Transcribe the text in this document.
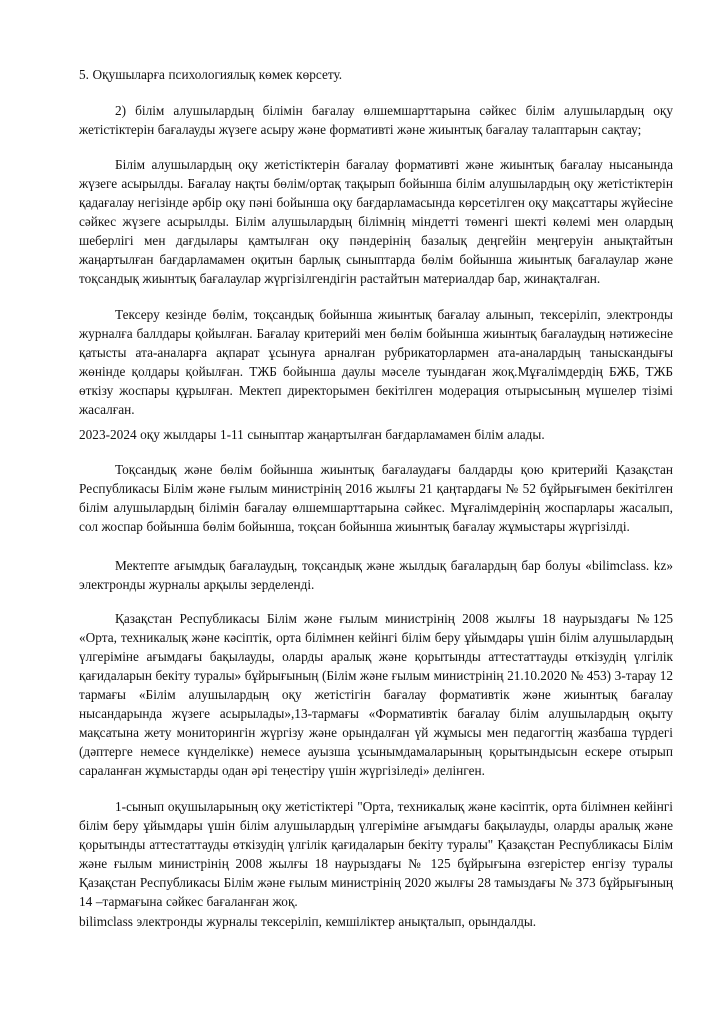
5. Оқушыларға психологиялық көмек көрсету.

2) білім алушылардың білімін бағалау өлшемшарттарына сәйкес білім алушылардың оқу жетістіктерін бағалауды жүзеге асыру және формативті және жиынтық бағалау талаптарын сақтау;

Білім алушылардың оқу жетістіктерін бағалау формативті және жиынтық бағалау нысанында жүзеге асырылды. Бағалау нақты бөлім/ортақ тақырып бойынша білім алушылардың оқу жетістіктерін қадағалау негізінде әрбір оқу пәні бойынша оқу бағдарламасында көрсетілген оқу мақсаттары жүйесіне сәйкес жүзеге асырылды. Білім алушылардың білімнің міндетті төменгі шекті көлемі мен олардың шеберлігі мен дағдылары қамтылған оқу пәндерінің базалық деңгейін меңгеруін анықтайтын жаңартылған бағдарламамен оқитын барлық сыныптарда бөлім бойынша жиынтық бағалаулар және тоқсандық жиынтық бағалаулар жүргізілгендігін растайтын материалдар бар, жинақталған.

Тексеру кезінде бөлім, тоқсандық бойынша жиынтық бағалау алынып, тексеріліп, электронды журналға баллдары қойылған. Бағалау критерийі мен бөлім бойынша жиынтық бағалаудың нәтижесіне қатысты ата-аналарға ақпарат ұсынуға арналған рубрикаторлармен ата-аналардың таныскандығы жөнінде қолдары қойылған. ТЖБ бойынша даулы мәселе туындаған жоқ.Мұғалімдердің БЖБ, ТЖБ өткізу жоспары құрылған. Мектеп директорымен бекітілген модерация отырысының мүшелер тізімі жасалған.

2023-2024 оқу жылдары 1-11 сыныптар жаңартылған бағдарламамен білім алады.

Тоқсандық және бөлім бойынша жиынтық бағалаудағы балдарды қою критерийі Қазақстан Республикасы Білім және ғылым министрінің 2016 жылғы 21 қаңтардағы № 52 бұйрығымен бекітілген білім алушылардың білімін бағалау өлшемшарттарына сәйкес. Мұғалімдерінің жоспарлары жасалып, сол жоспар бойынша бөлім бойынша, тоқсан бойынша жиынтық бағалау жұмыстары жүргізілді.

Мектепте ағымдық бағалаудың, тоқсандық және жылдық бағалардың бар болуы «bilimclass. kz» электронды журналы арқылы зерделенді.

Қазақстан Республикасы Білім және ғылым министрінің 2008 жылғы 18 наурыздағы №125 «Орта, техникалық және кәсіптік, орта білімнен кейінгі білім беру ұйымдары үшін білім алушылардың үлгеріміне ағымдағы бақылауды, оларды аралық және қорытынды аттестаттауды өткізудің үлгілік қағидаларын бекіту туралы» бұйрығының (Білім және ғылым министрінің 21.10.2020 № 453) 3-тарау 12 тармағы «Білім алушылардың оқу жетістігін бағалау формативтік және жиынтық бағалау нысандарында жүзеге асырылады»,13-тармағы «Формативтік бағалау білім алушылардың оқыту мақсатына жету мониторингін жүргізу және орындалған үй жұмысы мен педагогтің жазбаша түрдегі (дәптерге немесе күнделікке) немесе ауызша ұсынымдамаларының қорытындысын ескере отырып сараланған жұмыстарды одан әрі теңестіру үшін жүргізіледі» делінген.

1-сынып оқушыларының оқу жетістіктері "Орта, техникалық және кәсіптік, орта білімнен кейінгі білім беру ұйымдары үшін білім алушылардың үлгеріміне ағымдағы бақылауды, оларды аралық және қорытынды аттестаттауды өткізудің үлгілік қағидаларын бекіту туралы" Қазақстан Республикасы Білім және ғылым министрінің 2008 жылғы 18 наурыздағы № 125 бұйрығына өзгерістер енгізу туралы Қазақстан Республикасы Білім және ғылым министрінің 2020 жылғы 28 тамыздағы № 373 бұйрығының 14 –тармағына сәйкес бағаланған жоқ.

bilimclass электронды журналы тексеріліп, кемшіліктер анықталып, орындалды.
